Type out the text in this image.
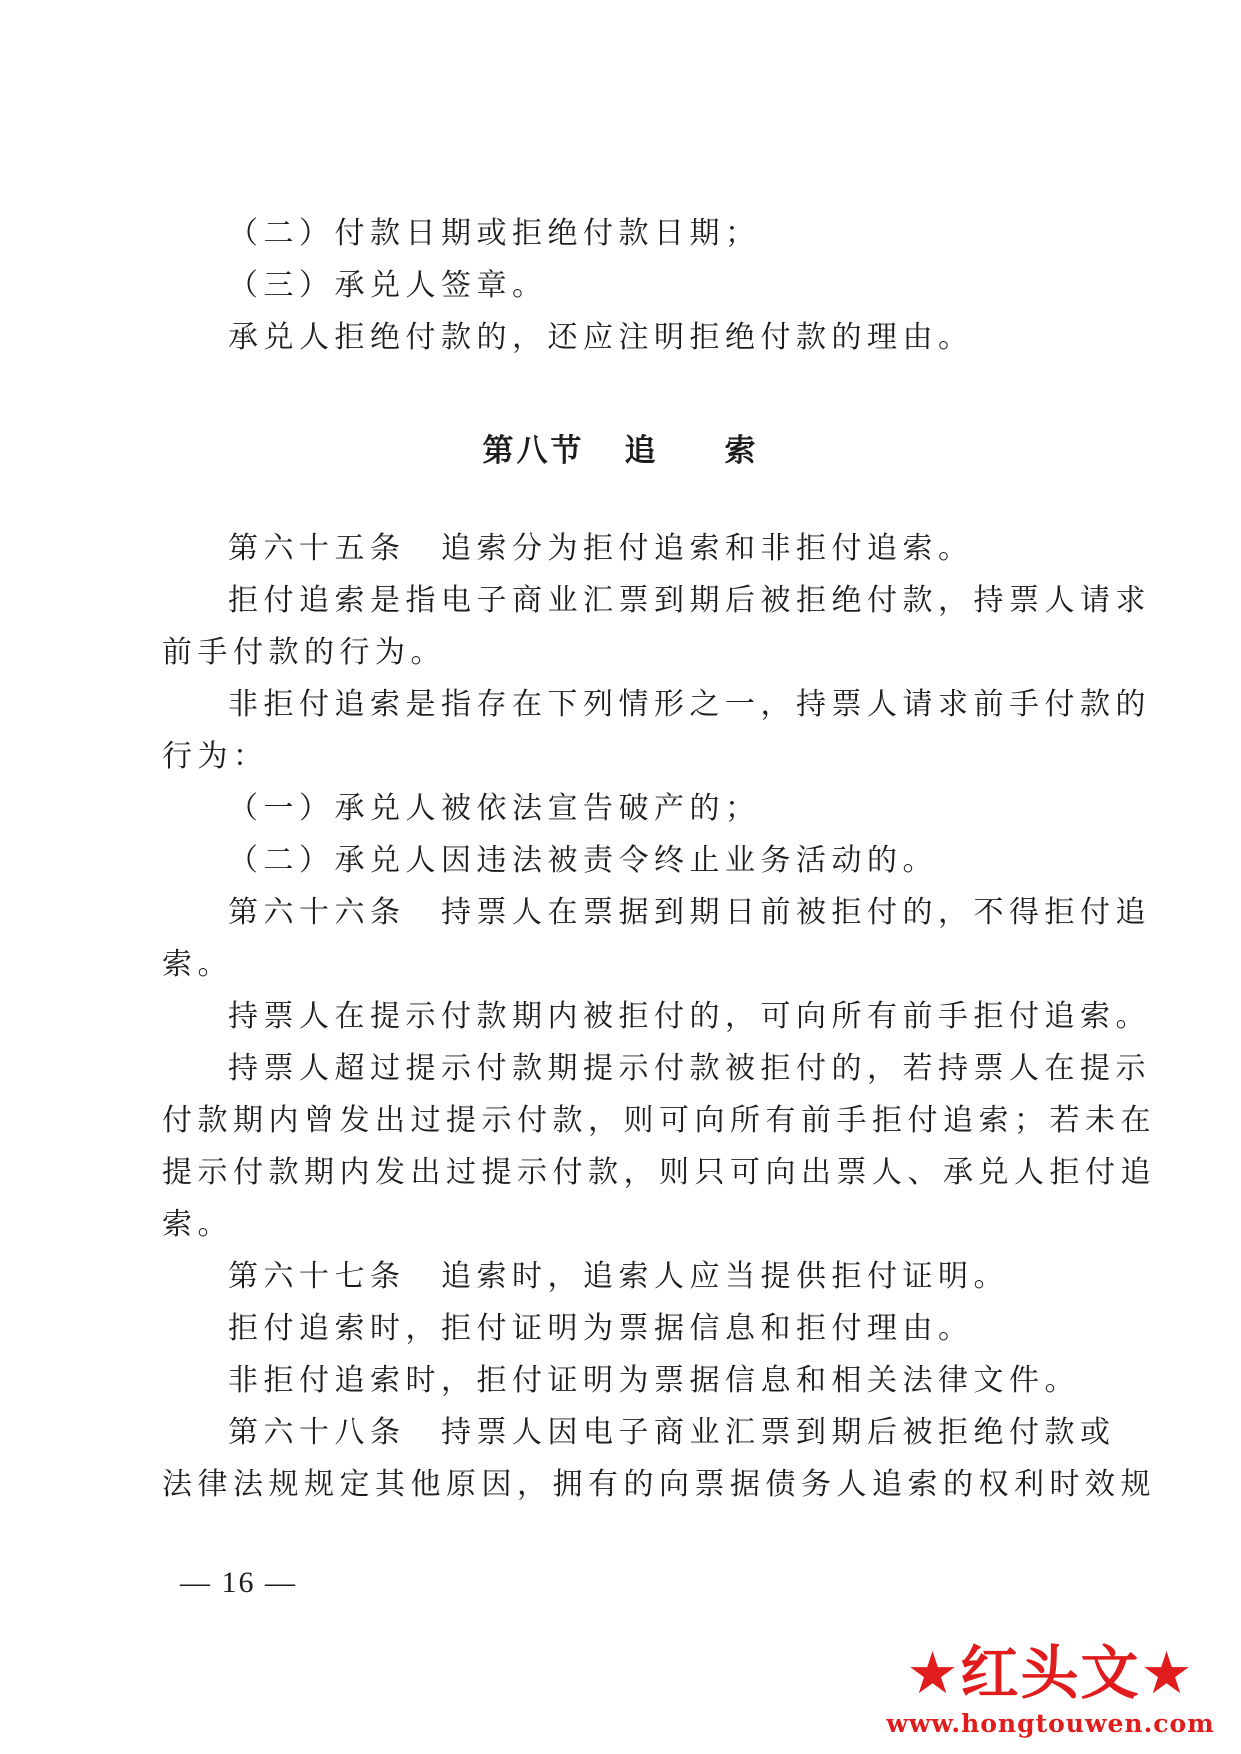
（二）付款日期或拒绝付款日期；

（三）承兑人签章。

承兑人拒绝付款的，还应注明拒绝付款的理由。

第八节 追 索

第六十五条　追索分为拒付追索和非拒付追索。

拒付追索是指电子商业汇票到期后被拒绝付款，持票人请求

前手付款的行为。

非拒付追索是指存在下列情形之一，持票人请求前手付款的

行为：

（一）承兑人被依法宣告破产的；

（二）承兑人因违法被责令终止业务活动的。

第六十六条　持票人在票据到期日前被拒付的，不得拒付追

索。

持票人在提示付款期内被拒付的，可向所有前手拒付追索。

持票人超过提示付款期提示付款被拒付的，若持票人在提示

付款期内曾发出过提示付款，则可向所有前手拒付追索；若未在

提示付款期内发出过提示付款，则只可向出票人、承兑人拒付追

索。

第六十七条　追索时，追索人应当提供拒付证明。

拒付追索时，拒付证明为票据信息和拒付理由。

非拒付追索时，拒付证明为票据信息和相关法律文件。

第六十八条　持票人因电子商业汇票到期后被拒绝付款或

法律法规规定其他原因，拥有的向票据债务人追索的权利时效规

— 16 —
★红头文★
www.hongtouwen.com
